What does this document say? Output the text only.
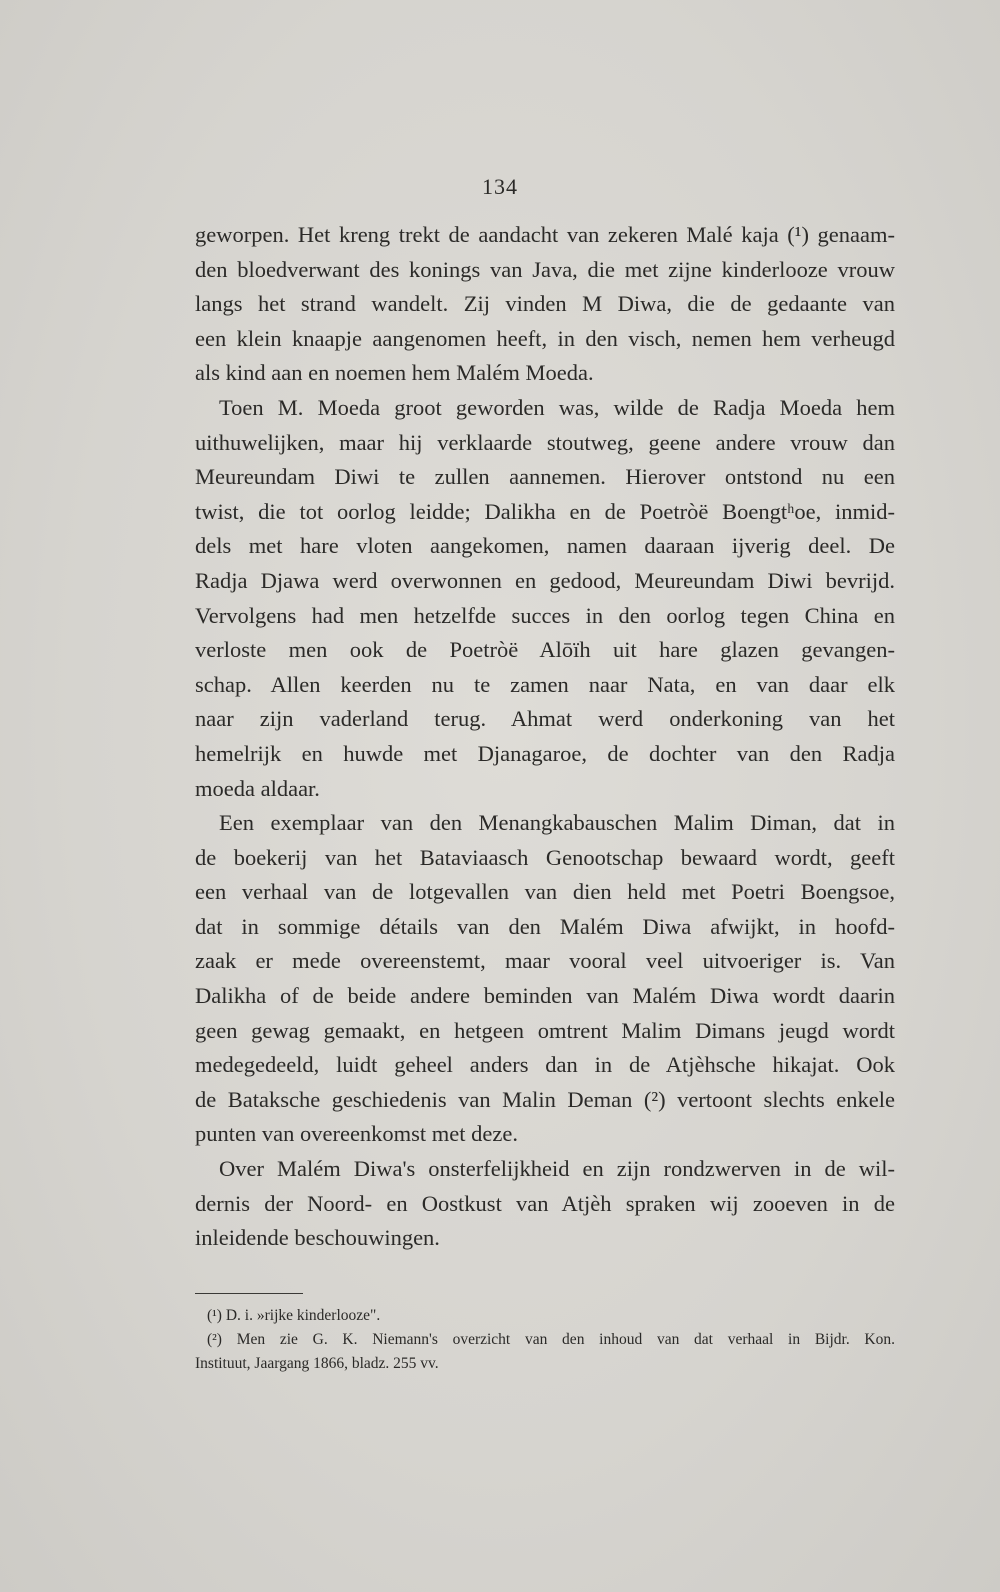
134
geworpen. Het kreng trekt de aandacht van zekeren Malé kaja (¹) genaam-
den bloedverwant des konings van Java, die met zijne kinderlooze vrouw
langs het strand wandelt. Zij vinden M Diwa, die de gedaante van
een klein knaapje aangenomen heeft, in den visch, nemen hem verheugd
als kind aan en noemen hem Malém Moeda.
Toen M. Moeda groot geworden was, wilde de Radja Moeda hem
uithuwelijken, maar hij verklaarde stoutweg, geene andere vrouw dan
Meureundam Diwi te zullen aannemen. Hierover ontstond nu een
twist, die tot oorlog leidde; Dalikha en de Poetròë Boengtʰoe, inmid-
dels met hare vloten aangekomen, namen daaraan ijverig deel. De
Radja Djawa werd overwonnen en gedood, Meureundam Diwi bevrijd.
Vervolgens had men hetzelfde succes in den oorlog tegen China en
verloste men ook de Poetròë Alōïh uit hare glazen gevangen-
schap. Allen keerden nu te zamen naar Nata, en van daar elk
naar zijn vaderland terug. Ahmat werd onderkoning van het
hemelrijk en huwde met Djanagaroe, de dochter van den Radja
moeda aldaar.
Een exemplaar van den Menangkabauschen Malim Diman, dat in
de boekerij van het Bataviaasch Genootschap bewaard wordt, geeft
een verhaal van de lotgevallen van dien held met Poetri Boengsoe,
dat in sommige détails van den Malém Diwa afwijkt, in hoofd-
zaak er mede overeenstemt, maar vooral veel uitvoeriger is. Van
Dalikha of de beide andere beminden van Malém Diwa wordt daarin
geen gewag gemaakt, en hetgeen omtrent Malim Dimans jeugd wordt
medegedeeld, luidt geheel anders dan in de Atjèhsche hikajat. Ook
de Bataksche geschiedenis van Malin Deman (²) vertoont slechts enkele
punten van overeenkomst met deze.
Over Malém Diwa's onsterfelijkheid en zijn rondzwerven in de wil-
dernis der Noord- en Oostkust van Atjèh spraken wij zooeven in de
inleidende beschouwingen.
(¹) D. i. »rijke kinderlooze".
(²) Men zie G. K. Niemann's overzicht van den inhoud van dat verhaal in Bijdr. Kon.
Instituut, Jaargang 1866, bladz. 255 vv.
